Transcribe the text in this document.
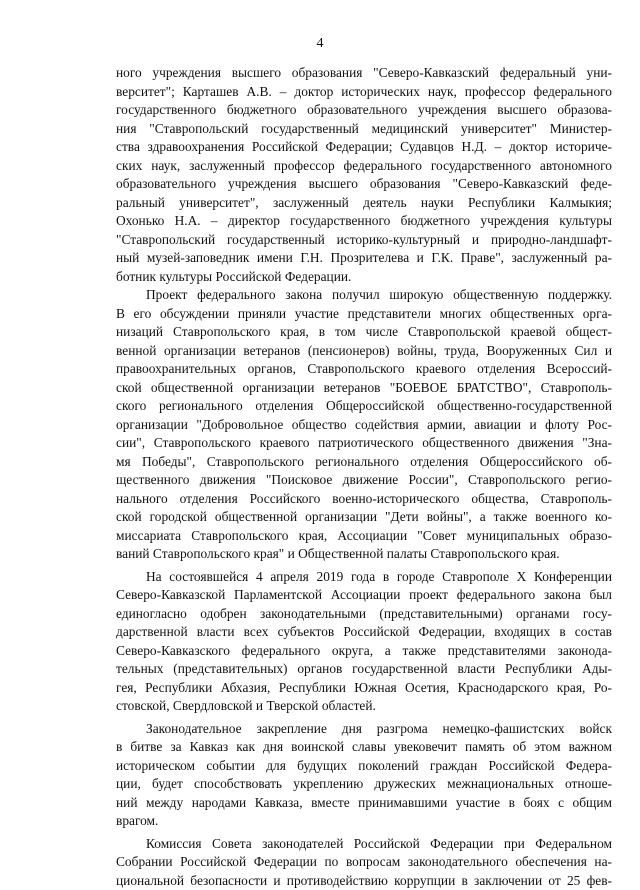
4
ного учреждения высшего образования "Северо-Кавказский федеральный уни-
верситет"; Карташев А.В. – доктор исторических наук, профессор федерального
государственного бюджетного образовательного учреждения высшего образова-
ния "Ставропольский государственный медицинский университет" Министер-
ства здравоохранения Российской Федерации; Судавцов Н.Д. – доктор историче-
ских наук, заслуженный профессор федерального государственного автономного
образовательного учреждения высшего образования "Северо-Кавказский феде-
ральный университет", заслуженный деятель науки Республики Калмыкия;
Охонько Н.А. – директор государственного бюджетного учреждения культуры
"Ставропольский государственный историко-культурный и природно-ландшафт-
ный музей-заповедник имени Г.Н. Прозрителева и Г.К. Праве", заслуженный ра-
ботник культуры Российской Федерации.
Проект федерального закона получил широкую общественную поддержку.
В его обсуждении приняли участие представители многих общественных орга-
низаций Ставропольского края, в том числе Ставропольской краевой общест-
венной организации ветеранов (пенсионеров) войны, труда, Вооруженных Сил и
правоохранительных органов, Ставропольского краевого отделения Всероссий-
ской общественной организации ветеранов "БОЕВОЕ БРАТСТВО", Ставрополь-
ского регионального отделения Общероссийской общественно-государственной
организации "Добровольное общество содействия армии, авиации и флоту Рос-
сии", Ставропольского краевого патриотического общественного движения "Зна-
мя Победы", Ставропольского регионального отделения Общероссийского об-
щественного движения "Поисковое движение России", Ставропольского регио-
нального отделения Российского военно-исторического общества, Ставрополь-
ской городской общественной организации "Дети войны", а также военного ко-
миссариата Ставропольского края, Ассоциации "Совет муниципальных образо-
ваний Ставропольского края" и Общественной палаты Ставропольского края.
На состоявшейся 4 апреля 2019 года в городе Ставрополе X Конференции
Северо-Кавказской Парламентской Ассоциации проект федерального закона был
единогласно одобрен законодательными (представительными) органами госу-
дарственной власти всех субъектов Российской Федерации, входящих в состав
Северо-Кавказского федерального округа, а также представителями законода-
тельных (представительных) органов государственной власти Республики Ады-
гея, Республики Абхазия, Республики Южная Осетия, Краснодарского края, Ро-
стовской, Свердловской и Тверской областей.
Законодательное закрепление дня разгрома немецко-фашистских войск
в битве за Кавказ как дня воинской славы увековечит память об этом важном
историческом событии для будущих поколений граждан Российской Федера-
ции, будет способствовать укреплению дружеских межнациональных отноше-
ний между народами Кавказа, вместе принимавшими участие в боях с общим
врагом.
Комиссия Совета законодателей Российской Федерации при Федеральном
Собрании Российской Федерации по вопросам законодательного обеспечения на-
циональной безопасности и противодействию коррупции в заключении от 25 фев-
